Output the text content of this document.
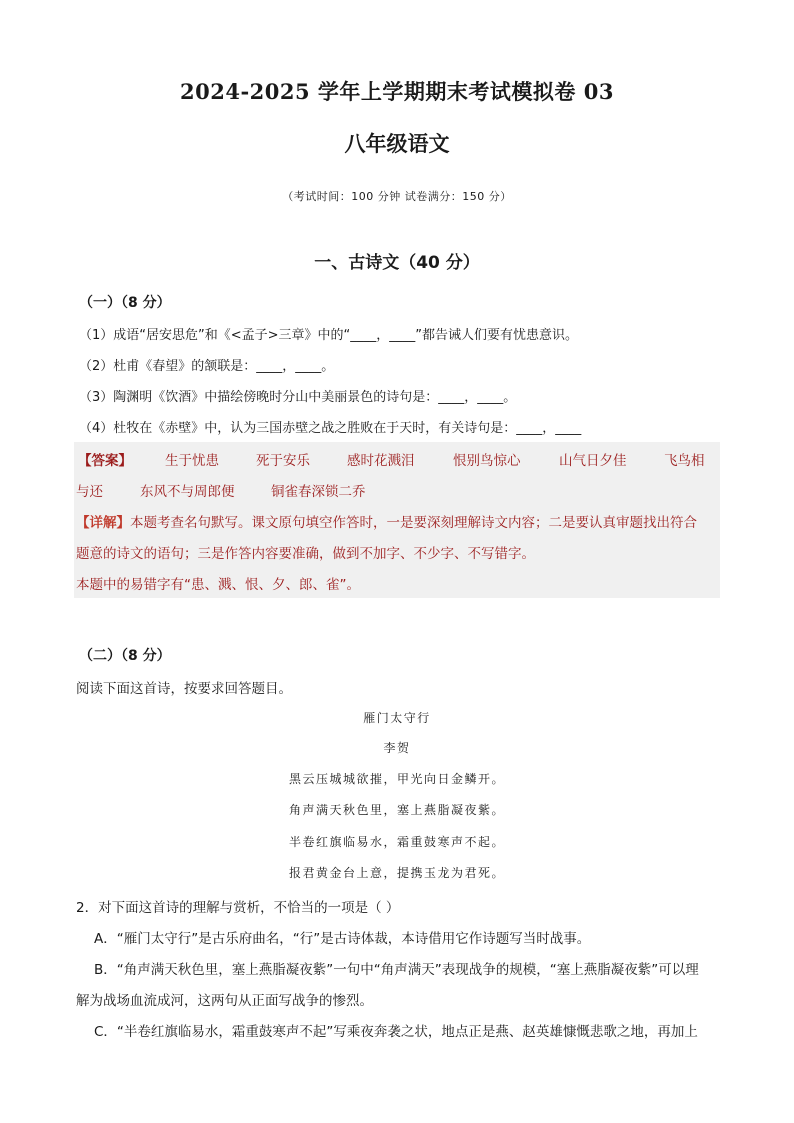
2024-2025 学年上学期期末考试模拟卷 03
八年级语文
（考试时间：100 分钟 试卷满分：150 分）
一、古诗文（40 分）
（一）（8 分）
（1）成语“居安思危”和《<孟子>三章》中的“____，____”都告诫人们要有忧患意识。
（2）杜甫《春望》的颔联是：____，____。
（3）陶渊明《饮酒》中描绘傍晚时分山中美丽景色的诗句是：____，____。
（4）杜牧在《赤壁》中，认为三国赤壁之战之胜败在于天时，有关诗句是：____，____
【答案】 生于忧患	死于安乐	感时花溅泪	恨别鸟惊心	山气日夕佳	飞鸟相
与还	东风不与周郎便	铜雀春深锁二乔
【详解】本题考查名句默写。课文原句填空作答时，一是要深刻理解诗文内容；二是要认真审题找出符合
题意的诗文的语句；三是作答内容要准确，做到不加字、不少字、不写错字。
本题中的易错字有“患、溅、恨、夕、郎、雀”。
（二）（8 分）
阅读下面这首诗，按要求回答题目。
雁门太守行
李贺
黑云压城城欲摧，甲光向日金鳞开。
角声满天秋色里，塞上燕脂凝夜紫。
半卷红旗临易水，霜重鼓寒声不起。
报君黄金台上意，提携玉龙为君死。
2．对下面这首诗的理解与赏析，不恰当的一项是（ ）
A．“雁门太守行”是古乐府曲名，“行”是古诗体裁，本诗借用它作诗题写当时战事。
B．“角声满天秋色里，塞上燕脂凝夜紫”一句中“角声满天”表现战争的规模，“塞上燕脂凝夜紫”可以理
解为战场血流成河，这两句从正面写战争的惨烈。
C．“半卷红旗临易水，霜重鼓寒声不起”写乘夜奔袭之状，地点正是燕、赵英雄慷慨悲歌之地，再加上
